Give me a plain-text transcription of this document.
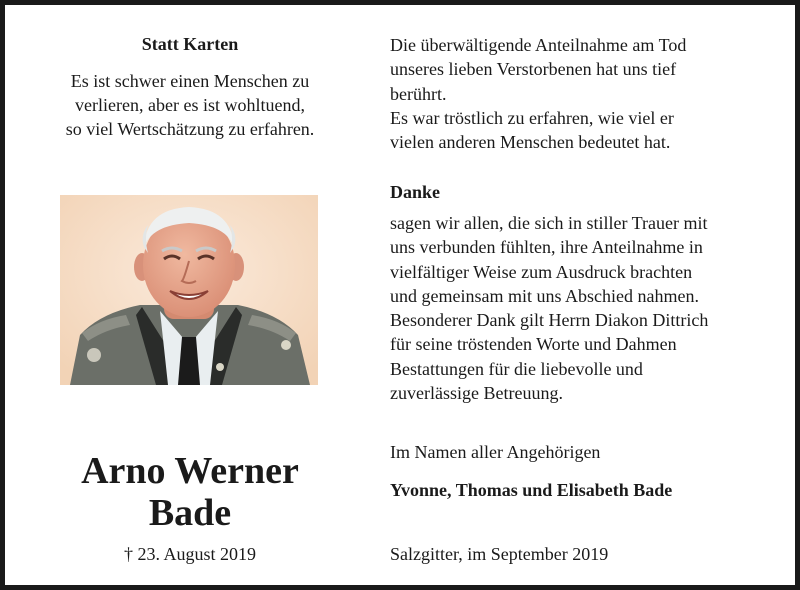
Statt Karten
Es ist schwer einen Menschen zu
verlieren, aber es ist wohltuend,
so viel Wertschätzung zu erfahren.
Arno Werner
Bade
† 23. August 2019
Die überwältigende Anteilnahme am Tod
unseres lieben Verstorbenen hat uns tief
berührt.
Es war tröstlich zu erfahren, wie viel er
vielen anderen Menschen bedeutet hat.
Danke
sagen wir allen, die sich in stiller Trauer mit
uns verbunden fühlten, ihre Anteilnahme in
vielfältiger Weise zum Ausdruck brachten
und gemeinsam mit uns Abschied nahmen.
Besonderer Dank gilt Herrn Diakon Dittrich
für seine tröstenden Worte und Dahmen
Bestattungen für die liebevolle und
zuverlässige Betreuung.
Im Namen aller Angehörigen
Yvonne, Thomas und Elisabeth Bade
Salzgitter, im September 2019
